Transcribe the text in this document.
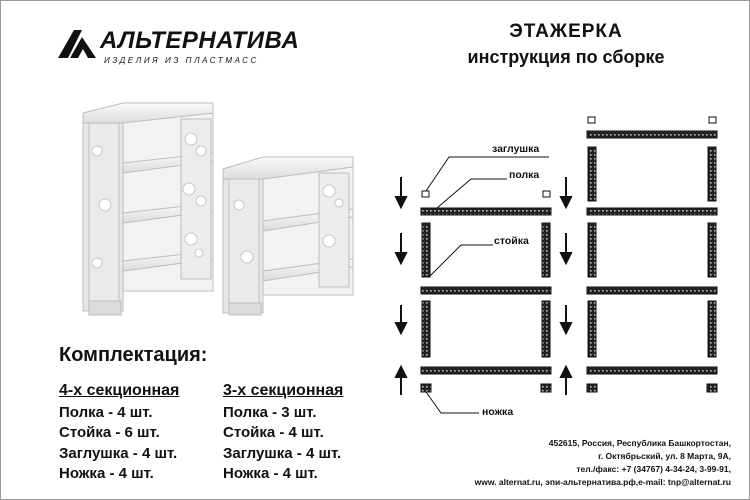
АЛЬТЕРНАТИВА
ИЗДЕЛИЯ ИЗ ПЛАСТМАСС
ЭТАЖЕРКА
инструкция по сборке
заглушка
полка
стойка
ножка
Комплектация:
4-х секционная
Полка - 4 шт.
Стойка - 6 шт.
Заглушка - 4 шт.
Ножка - 4 шт.
3-х секционная
Полка - 3 шт.
Стойка - 4 шт.
Заглушка - 4 шт.
Ножка - 4 шт.
452615, Россия, Республика Башкортостан,
г. Октябрьский, ул. 8 Марта, 9А,
тел./факс: +7 (34767) 4-34-24, 3-99-91,
www. alternat.ru, эпи-альтернатива.рф,e-mail: tnp@alternat.ru
